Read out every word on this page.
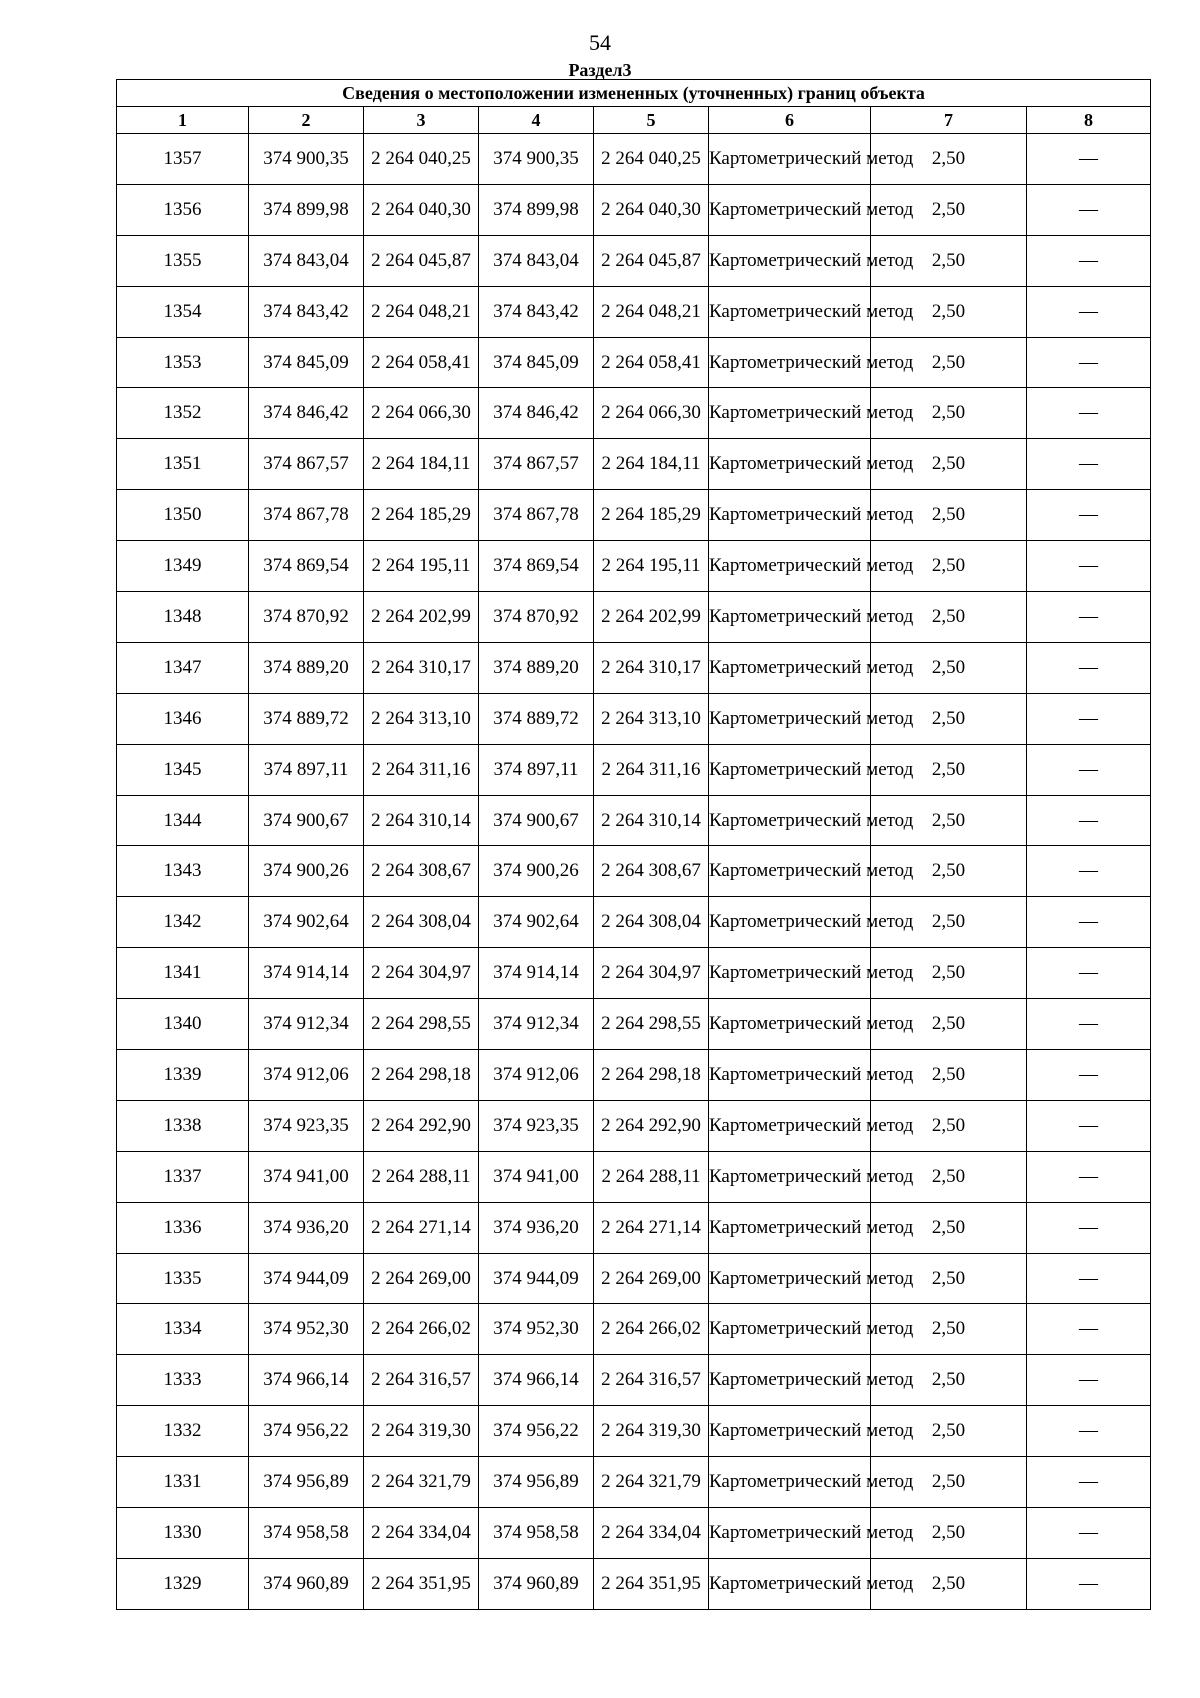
54
Раздел3
Сведения о местоположении измененных (уточненных) границ объекта							
1	2	3	4	5	6	7	8
1357	374 900,35	2 264 040,25	374 900,35	2 264 040,25	Картометрический метод	2,50	—
1356	374 899,98	2 264 040,30	374 899,98	2 264 040,30	Картометрический метод	2,50	—
1355	374 843,04	2 264 045,87	374 843,04	2 264 045,87	Картометрический метод	2,50	—
1354	374 843,42	2 264 048,21	374 843,42	2 264 048,21	Картометрический метод	2,50	—
1353	374 845,09	2 264 058,41	374 845,09	2 264 058,41	Картометрический метод	2,50	—
1352	374 846,42	2 264 066,30	374 846,42	2 264 066,30	Картометрический метод	2,50	—
1351	374 867,57	2 264 184,11	374 867,57	2 264 184,11	Картометрический метод	2,50	—
1350	374 867,78	2 264 185,29	374 867,78	2 264 185,29	Картометрический метод	2,50	—
1349	374 869,54	2 264 195,11	374 869,54	2 264 195,11	Картометрический метод	2,50	—
1348	374 870,92	2 264 202,99	374 870,92	2 264 202,99	Картометрический метод	2,50	—
1347	374 889,20	2 264 310,17	374 889,20	2 264 310,17	Картометрический метод	2,50	—
1346	374 889,72	2 264 313,10	374 889,72	2 264 313,10	Картометрический метод	2,50	—
1345	374 897,11	2 264 311,16	374 897,11	2 264 311,16	Картометрический метод	2,50	—
1344	374 900,67	2 264 310,14	374 900,67	2 264 310,14	Картометрический метод	2,50	—
1343	374 900,26	2 264 308,67	374 900,26	2 264 308,67	Картометрический метод	2,50	—
1342	374 902,64	2 264 308,04	374 902,64	2 264 308,04	Картометрический метод	2,50	—
1341	374 914,14	2 264 304,97	374 914,14	2 264 304,97	Картометрический метод	2,50	—
1340	374 912,34	2 264 298,55	374 912,34	2 264 298,55	Картометрический метод	2,50	—
1339	374 912,06	2 264 298,18	374 912,06	2 264 298,18	Картометрический метод	2,50	—
1338	374 923,35	2 264 292,90	374 923,35	2 264 292,90	Картометрический метод	2,50	—
1337	374 941,00	2 264 288,11	374 941,00	2 264 288,11	Картометрический метод	2,50	—
1336	374 936,20	2 264 271,14	374 936,20	2 264 271,14	Картометрический метод	2,50	—
1335	374 944,09	2 264 269,00	374 944,09	2 264 269,00	Картометрический метод	2,50	—
1334	374 952,30	2 264 266,02	374 952,30	2 264 266,02	Картометрический метод	2,50	—
1333	374 966,14	2 264 316,57	374 966,14	2 264 316,57	Картометрический метод	2,50	—
1332	374 956,22	2 264 319,30	374 956,22	2 264 319,30	Картометрический метод	2,50	—
1331	374 956,89	2 264 321,79	374 956,89	2 264 321,79	Картометрический метод	2,50	—
1330	374 958,58	2 264 334,04	374 958,58	2 264 334,04	Картометрический метод	2,50	—
1329	374 960,89	2 264 351,95	374 960,89	2 264 351,95	Картометрический метод	2,50	—
